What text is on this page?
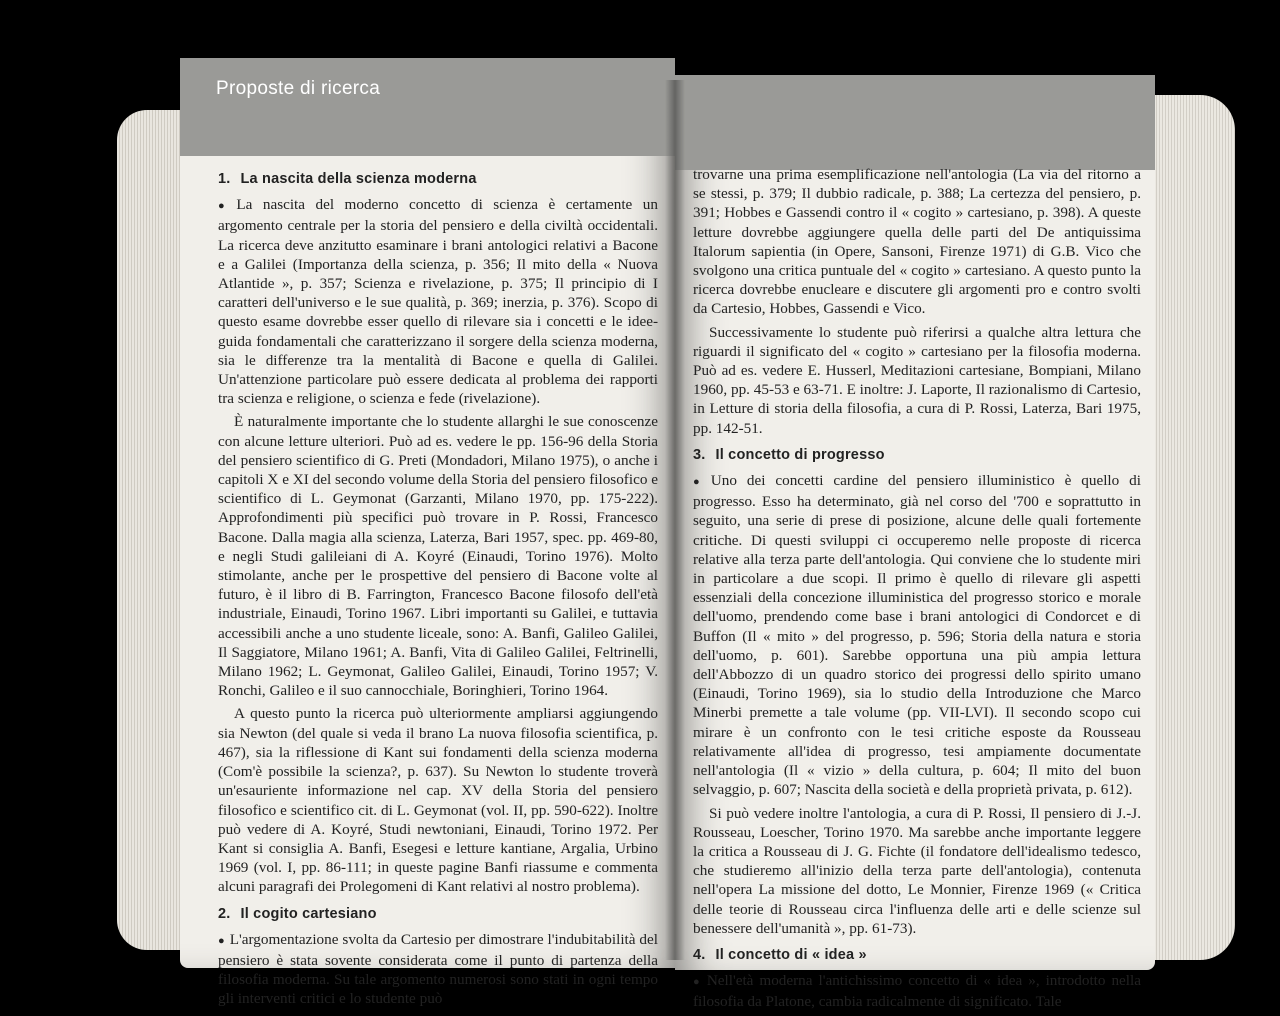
Proposte di ricerca
1. La nascita della scienza moderna

● La nascita del moderno concetto di scienza è certamente un argomento centrale per la storia del pensiero e della civiltà occidentali. La ricerca deve anzitutto esaminare i brani antologici relativi a Bacone e a Galilei (Importanza della scienza, p. 356; Il mito della « Nuova Atlantide », p. 357; Scienza e rivelazione, p. 375; Il principio di I caratteri dell'universo e le sue qualità, p. 369; inerzia, p. 376). Scopo di questo esame dovrebbe esser quello di rilevare sia i concetti e le idee-guida fondamentali che caratterizzano il sorgere della scienza moderna, sia le differenze tra la mentalità di Bacone e quella di Galilei. Un'attenzione particolare può essere dedicata al problema dei rapporti tra scienza e religione, o scienza e fede (rivelazione).

È naturalmente importante che lo studente allarghi le sue conoscenze con alcune letture ulteriori. Può ad es. vedere le pp. 156-96 della Storia del pensiero scientifico di G. Preti (Mondadori, Milano 1975), o anche i capitoli X e XI del secondo volume della Storia del pensiero filosofico e scientifico di L. Geymonat (Garzanti, Milano 1970, pp. 175-222). Approfondimenti più specifici può trovare in P. Rossi, Francesco Bacone. Dalla magia alla scienza, Laterza, Bari 1957, spec. pp. 469-80, e negli Studi galileiani di A. Koyré (Einaudi, Torino 1976). Molto stimolante, anche per le prospettive del pensiero di Bacone volte al futuro, è il libro di B. Farrington, Francesco Bacone filosofo dell'età industriale, Einaudi, Torino 1967. Libri importanti su Galilei, e tuttavia accessibili anche a uno studente liceale, sono: A. Banfi, Galileo Galilei, Il Saggiatore, Milano 1961; A. Banfi, Vita di Galileo Galilei, Feltrinelli, Milano 1962; L. Geymonat, Galileo Galilei, Einaudi, Torino 1957; V. Ronchi, Galileo e il suo cannocchiale, Boringhieri, Torino 1964.

A questo punto la ricerca può ulteriormente ampliarsi aggiungendo sia Newton (del quale si veda il brano La nuova filosofia scientifica, p. 467), sia la riflessione di Kant sui fondamenti della scienza moderna (Com'è possibile la scienza?, p. 637). Su Newton lo studente troverà un'esauriente informazione nel cap. XV della Storia del pensiero filosofico e scientifico cit. di L. Geymonat (vol. II, pp. 590-622). Inoltre può vedere di A. Koyré, Studi newtoniani, Einaudi, Torino 1972. Per Kant si consiglia A. Banfi, Esegesi e letture kantiane, Argalia, Urbino 1969 (vol. I, pp. 86-111; in queste pagine Banfi riassume e commenta alcuni paragrafi dei Prolegomeni di Kant relativi al nostro problema).

2. Il cogito cartesiano

● L'argomentazione svolta da Cartesio per dimostrare l'indubitabilità del pensiero è stata sovente considerata come il punto di partenza della filosofia moderna. Su tale argomento numerosi sono stati in ogni tempo gli interventi critici e lo studente può

trovarne una prima esemplificazione nell'antologia (La via del ritorno a se stessi, p. 379; Il dubbio radicale, p. 388; La certezza del pensiero, p. 391; Hobbes e Gassendi contro il « cogito » cartesiano, p. 398). A queste letture dovrebbe aggiungere quella delle parti del De antiquissima Italorum sapientia (in Opere, Sansoni, Firenze 1971) di G.B. Vico che svolgono una critica puntuale del « cogito » cartesiano. A questo punto la ricerca dovrebbe enucleare e discutere gli argomenti pro e contro svolti da Cartesio, Hobbes, Gassendi e Vico.

Successivamente lo studente può riferirsi a qualche altra lettura che riguardi il significato del « cogito » cartesiano per la filosofia moderna. Può ad es. vedere E. Husserl, Meditazioni cartesiane, Bompiani, Milano 1960, pp. 45-53 e 63-71. E inoltre: J. Laporte, Il razionalismo di Cartesio, in Letture di storia della filosofia, a cura di P. Rossi, Laterza, Bari 1975, pp. 142-51.

3. Il concetto di progresso

● Uno dei concetti cardine del pensiero illuministico è quello di progresso. Esso ha determinato, già nel corso del '700 e soprattutto in seguito, una serie di prese di posizione, alcune delle quali fortemente critiche. Di questi sviluppi ci occuperemo nelle proposte di ricerca relative alla terza parte dell'antologia. Qui conviene che lo studente miri in particolare a due scopi. Il primo è quello di rilevare gli aspetti essenziali della concezione illuministica del progresso storico e morale dell'uomo, prendendo come base i brani antologici di Condorcet e di Buffon (Il « mito » del progresso, p. 596; Storia della natura e storia dell'uomo, p. 601). Sarebbe opportuna una più ampia lettura dell'Abbozzo di un quadro storico dei progressi dello spirito umano (Einaudi, Torino 1969), sia lo studio della Introduzione che Marco Minerbi premette a tale volume (pp. VII-LVI). Il secondo scopo cui mirare è un confronto con le tesi critiche esposte da Rousseau relativamente all'idea di progresso, tesi ampiamente documentate nell'antologia (Il « vizio » della cultura, p. 604; Il mito del buon selvaggio, p. 607; Nascita della società e della proprietà privata, p. 612).

Si può vedere inoltre l'antologia, a cura di P. Rossi, Il pensiero di J.-J. Rousseau, Loescher, Torino 1970. Ma sarebbe anche importante leggere la critica a Rousseau di J. G. Fichte (il fondatore dell'idealismo tedesco, che studieremo all'inizio della terza parte dell'antologia), contenuta nell'opera La missione del dotto, Le Monnier, Firenze 1969 (« Critica delle teorie di Rousseau circa l'influenza delle arti e delle scienze sul benessere dell'umanità », pp. 61-73).

4. Il concetto di « idea »

● Nell'età moderna l'antichissimo concetto di « idea », introdotto nella filosofia da Platone, cambia radicalmente di significato. Tale
